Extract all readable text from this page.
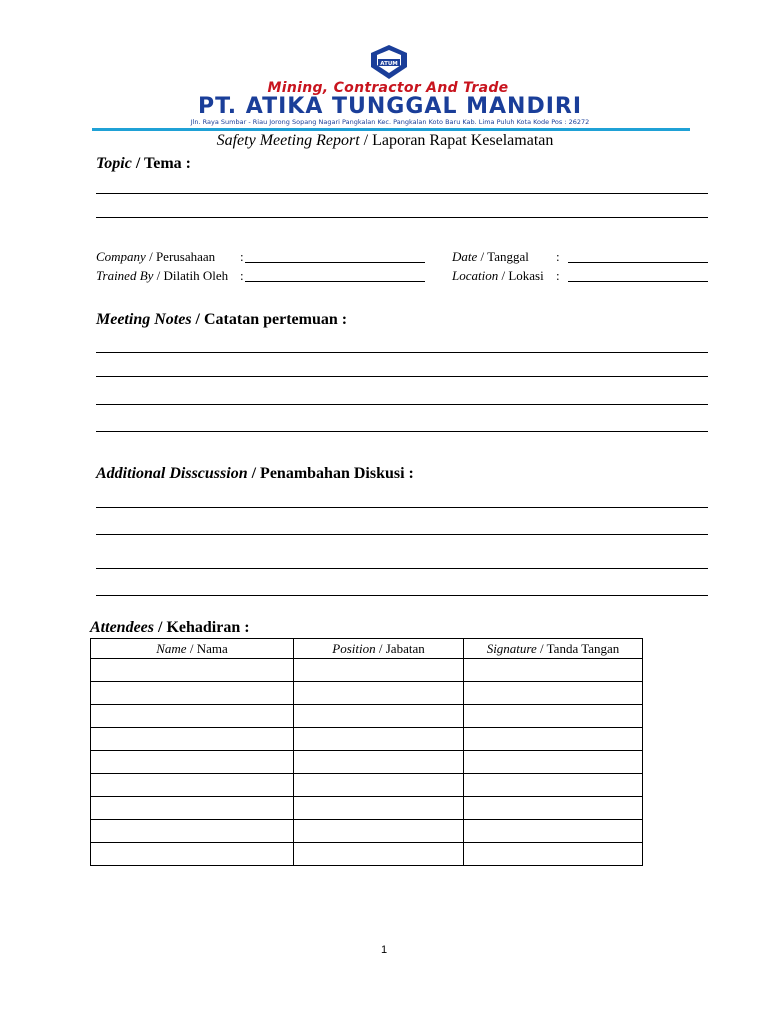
ATUM
Mining, Contractor And Trade
PT. ATIKA TUNGGAL MANDIRI
Jln. Raya Sumbar - Riau Jorong Sopang Nagari Pangkalan Kec. Pangkalan Koto Baru Kab. Lima Puluh Kota Kode Pos : 26272
Safety Meeting Report / Laporan Rapat Keselamatan
Topic / Tema :
Company / Perusahaan :
Trained By / Dilatih Oleh :
Date / Tanggal :
Location / Lokasi :
Meeting Notes / Catatan pertemuan :
Additional Disscussion / Penambahan Diskusi :
Attendees / Kehadiran :
Name / Nama	Position / Jabatan	Signature / Tanda Tangan

1
